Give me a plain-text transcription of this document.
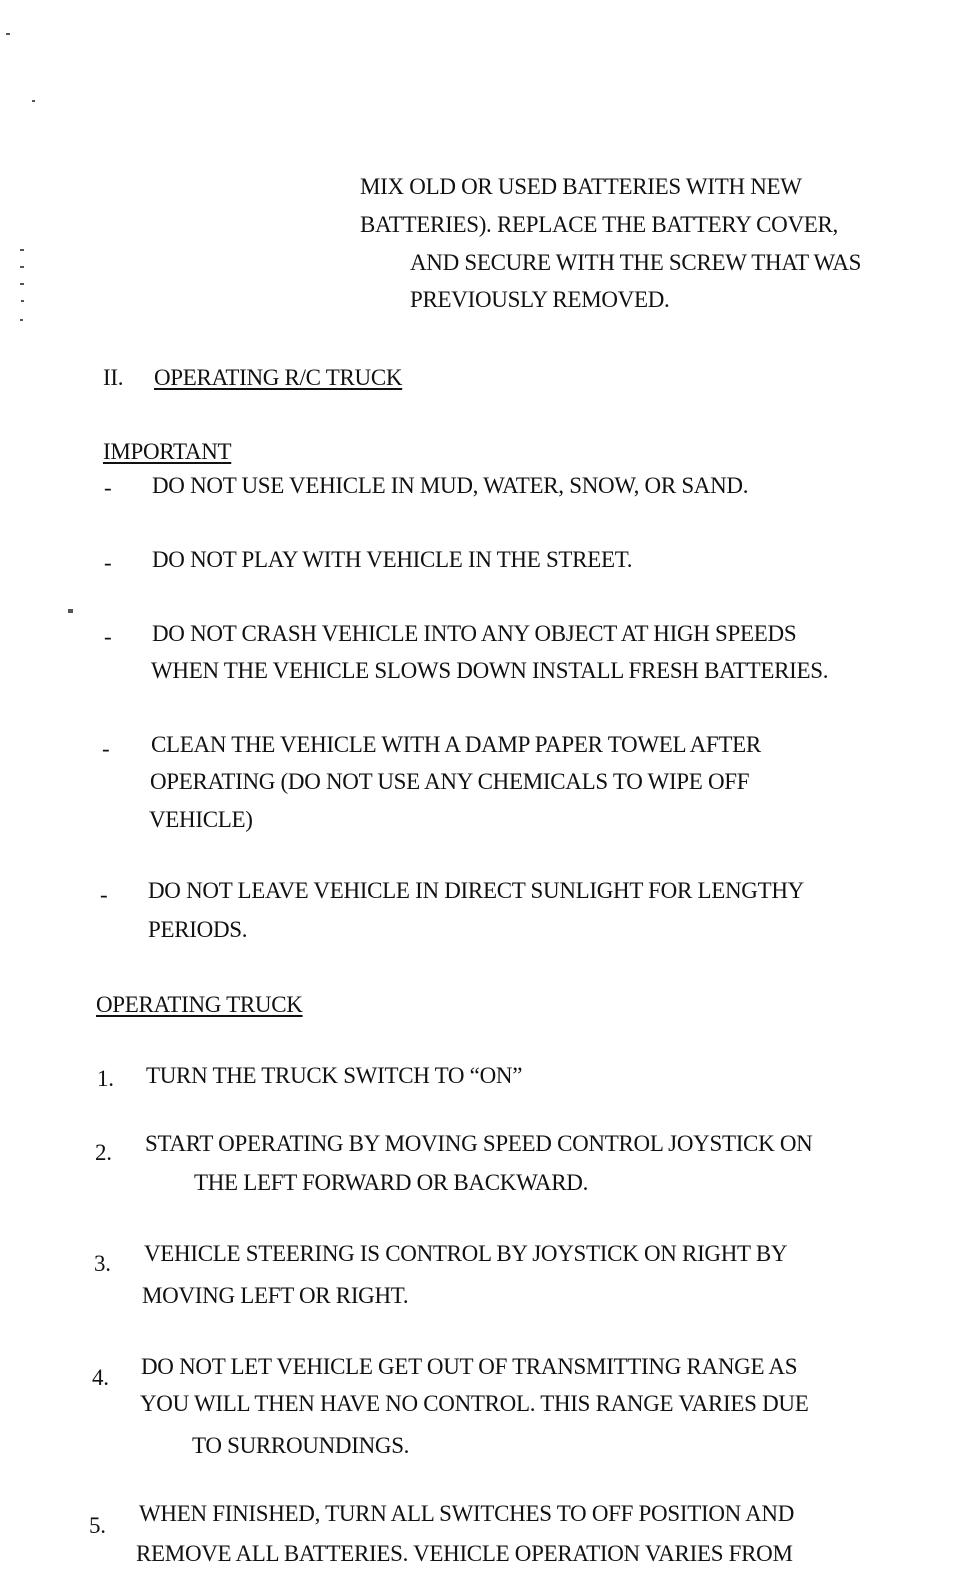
MIX OLD OR USED BATTERIES WITH NEW
BATTERIES). REPLACE THE BATTERY COVER,
AND SECURE WITH THE SCREW THAT WAS
PREVIOUSLY REMOVED.
II. OPERATING R/C TRUCK
IMPORTANT
- DO NOT USE VEHICLE IN MUD, WATER, SNOW, OR SAND.
- DO NOT PLAY WITH VEHICLE IN THE STREET.
- DO NOT CRASH VEHICLE INTO ANY OBJECT AT HIGH SPEEDS
WHEN THE VEHICLE SLOWS DOWN INSTALL FRESH BATTERIES.
- CLEAN THE VEHICLE WITH A DAMP PAPER TOWEL AFTER
OPERATING (DO NOT USE ANY CHEMICALS TO WIPE OFF
VEHICLE)
- DO NOT LEAVE VEHICLE IN DIRECT SUNLIGHT FOR LENGTHY
PERIODS.
OPERATING TRUCK
1. TURN THE TRUCK SWITCH TO “ON”
2. START OPERATING BY MOVING SPEED CONTROL JOYSTICK ON
THE LEFT FORWARD OR BACKWARD.
3. VEHICLE STEERING IS CONTROL BY JOYSTICK ON RIGHT BY
MOVING LEFT OR RIGHT.
4. DO NOT LET VEHICLE GET OUT OF TRANSMITTING RANGE AS
YOU WILL THEN HAVE NO CONTROL. THIS RANGE VARIES DUE
TO SURROUNDINGS.
5. WHEN FINISHED, TURN ALL SWITCHES TO OFF POSITION AND
REMOVE ALL BATTERIES. VEHICLE OPERATION VARIES FROM
